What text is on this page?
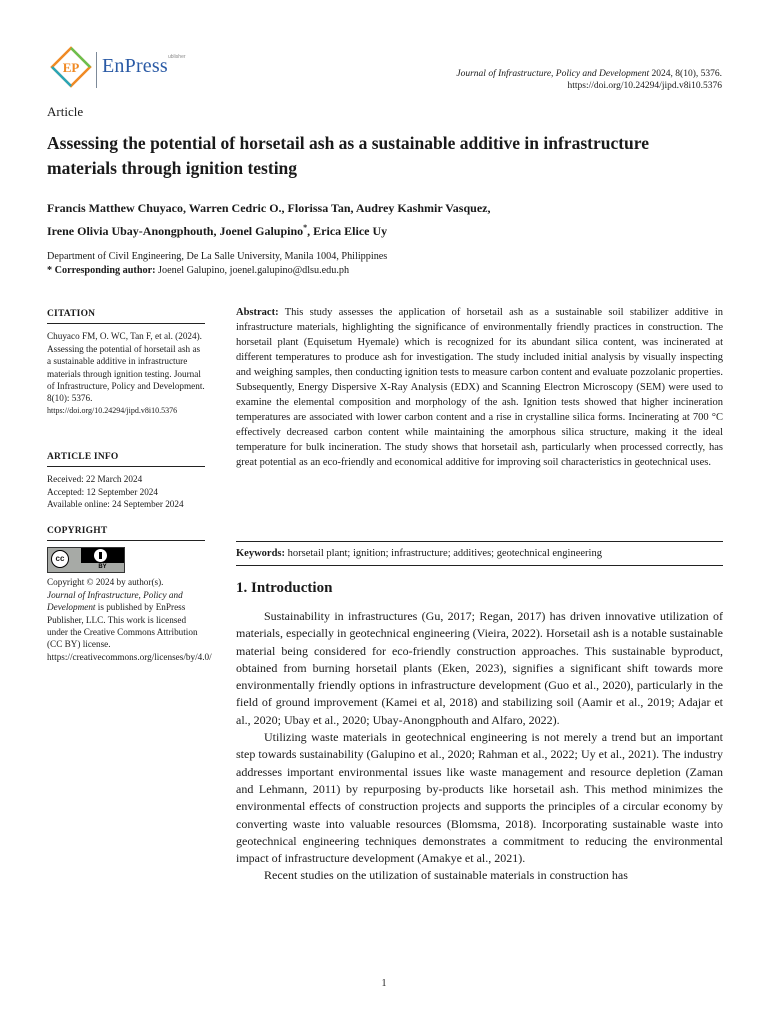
EP EnPress ublisher
Journal of Infrastructure, Policy and Development 2024, 8(10), 5376.
https://doi.org/10.24294/jipd.v8i10.5376
Article
Assessing the potential of horsetail ash as a sustainable additive in infrastructure materials through ignition testing
Francis Matthew Chuyaco, Warren Cedric O., Florissa Tan, Audrey Kashmir Vasquez,
Irene Olivia Ubay-Anongphouth, Joenel Galupino*, Erica Elice Uy
Department of Civil Engineering, De La Salle University, Manila 1004, Philippines
* Corresponding author: Joenel Galupino, joenel.galupino@dlsu.edu.ph
CITATION
Chuyaco FM, O. WC, Tan F, et al. (2024). Assessing the potential of horsetail ash as a sustainable additive in infrastructure materials through ignition testing. Journal of Infrastructure, Policy and Development. 8(10): 5376.
https://doi.org/10.24294/jipd.v8i10.5376
ARTICLE INFO
Received: 22 March 2024
Accepted: 12 September 2024
Available online: 24 September 2024
COPYRIGHT
cc
BY
Copyright © 2024 by author(s).
Journal of Infrastructure, Policy and Development is published by EnPress Publisher, LLC. This work is licensed under the Creative Commons Attribution (CC BY) license.
https://creativecommons.org/licenses/by/4.0/
Abstract: This study assesses the application of horsetail ash as a sustainable soil stabilizer additive in infrastructure materials, highlighting the significance of environmentally friendly practices in construction. The horsetail plant (Equisetum Hyemale) which is recognized for its abundant silica content, was incinerated at different temperatures to produce ash for investigation. The study included initial analysis by visually inspecting and weighing samples, then conducting ignition tests to measure carbon content and evaluate pozzolanic properties. Subsequently, Energy Dispersive X-Ray Analysis (EDX) and Scanning Electron Microscopy (SEM) were used to examine the elemental composition and morphology of the ash. Ignition tests showed that higher incineration temperatures are associated with lower carbon content and a rise in crystalline silica forms. Incinerating at 700 °C effectively decreased carbon content while maintaining the amorphous silica structure, making it the ideal temperature for bulk incineration. The study shows that horsetail ash, particularly when processed correctly, has great potential as an eco-friendly and economical additive for improving soil characteristics in geotechnical uses.
Keywords: horsetail plant; ignition; infrastructure; additives; geotechnical engineering
1. Introduction

Sustainability in infrastructures (Gu, 2017; Regan, 2017) has driven innovative utilization of materials, especially in geotechnical engineering (Vieira, 2022). Horsetail ash is a notable sustainable material being considered for eco-friendly construction approaches. This sustainable byproduct, obtained from burning horsetail plants (Eken, 2023), signifies a significant shift towards more environmentally friendly options in infrastructure development (Guo et al., 2020), particularly in the field of ground improvement (Kamei et al, 2018) and stabilizing soil (Aamir et al., 2019; Adajar et al., 2020; Ubay et al., 2020; Ubay-Anongphouth and Alfaro, 2022).

Utilizing waste materials in geotechnical engineering is not merely a trend but an important step towards sustainability (Galupino et al., 2020; Rahman et al., 2022; Uy et al., 2021). The industry addresses important environmental issues like waste management and resource depletion (Zaman and Lehmann, 2011) by repurposing by-products like horsetail ash. This method minimizes the environmental effects of construction projects and supports the principles of a circular economy by converting waste into valuable resources (Blomsma, 2018). Incorporating sustainable waste into geotechnical engineering techniques demonstrates a commitment to reducing the environmental impact of infrastructure development (Amakye et al., 2021).

Recent studies on the utilization of sustainable materials in construction has

1
